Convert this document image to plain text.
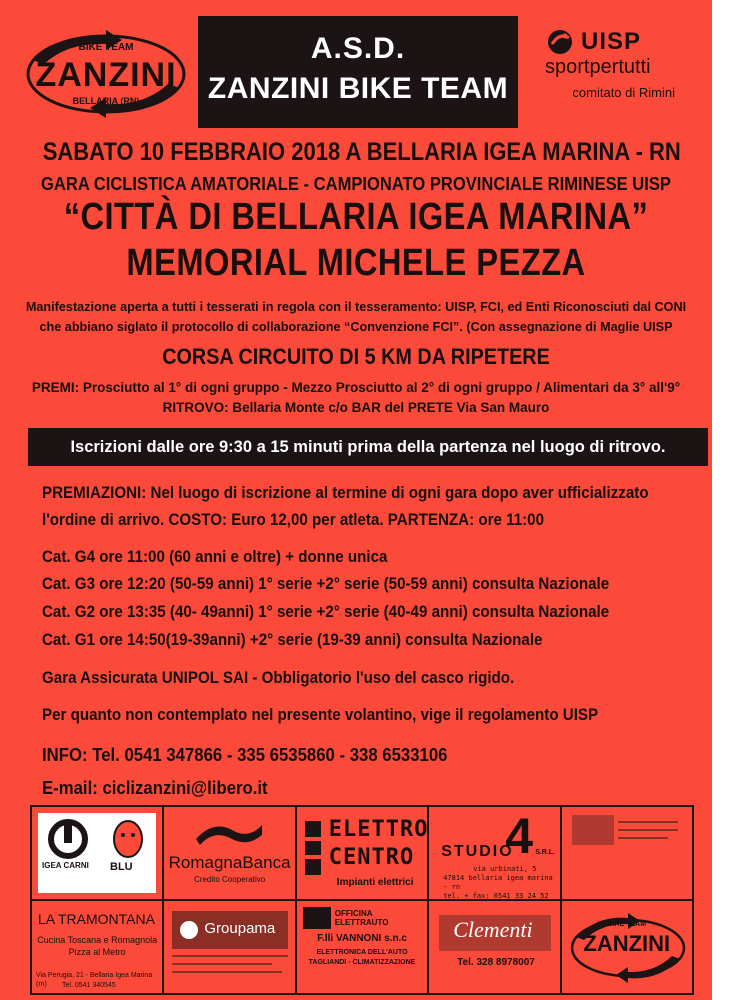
BIKE TEAM
ZANZINI
BELLARIA (RN)
A.S.D.
ZANZINI BIKE TEAM
UISP
sportpertutti
comitato di Rimini
SABATO 10 FEBBRAIO 2018 A BELLARIA IGEA MARINA - RN
GARA CICLISTICA AMATORIALE - CAMPIONATO PROVINCIALE RIMINESE UISP
“CITTÀ DI BELLARIA IGEA MARINA”
MEMORIAL MICHELE PEZZA
Manifestazione aperta a tutti i tesserati in regola con il tesseramento: UISP, FCI, ed Enti Riconosciuti dal CONI
che abbiano siglato il protocollo di collaborazione “Convenzione FCI”. (Con assegnazione di Maglie UISP
CORSA CIRCUITO DI 5 KM DA RIPETERE
PREMI: Prosciutto al 1° di ogni gruppo - Mezzo Prosciutto al 2° di ogni gruppo / Alimentari da 3° all'9°
RITROVO: Bellaria Monte c/o BAR del PRETE Via San Mauro
Iscrizioni dalle ore 9:30 a 15 minuti prima della partenza nel luogo di ritrovo.
PREMIAZIONI: Nel luogo di iscrizione al termine di ogni gara dopo aver ufficializzato
l'ordine di arrivo. COSTO: Euro 12,00 per atleta. PARTENZA: ore 11:00
Cat. G4 ore 11:00 (60 anni e oltre) + donne unica
Cat. G3 ore 12:20 (50-59 anni) 1° serie +2° serie (50-59 anni) consulta Nazionale
Cat. G2 ore 13:35 (40- 49anni) 1° serie +2° serie (40-49 anni) consulta Nazionale
Cat. G1 ore 14:50(19-39anni) +2° serie (19-39 anni) consulta Nazionale
Gara Assicurata UNIPOL SAI - Obbligatorio l'uso del casco rigido.
Per quanto non contemplato nel presente volantino, vige il regolamento UISP
INFO: Tel. 0541 347866 - 335 6535860 - 338 6533106
E-mail: ciclizanzini@libero.it
IGEA CARNI BLU RomagnaBanca
Credito Cooperativo
ELETTRO
CENTRO
Impianti elettrici
STUDIO
4 S.R.L.
via urbinati, 5
47814 bellaria igea marina - rn
tel. + fax: 0541 33 24 52
LA TRAMONTANA
Cucina Toscana e Romagnola
Pizza al Metro
Via Perugia, 21 - Bellaria Igea Marina (rn)	Tel. 0541 340545
Groupama
OFFICINA ELETTRAUTO
F.lli VANNONI s.n.c
ELETTRONICA DELL'AUTO
TAGLIANDI - CLIMATIZZAZIONE
Clementi
Tel. 328 8978007
BIKE TEAM
ZANZINI
